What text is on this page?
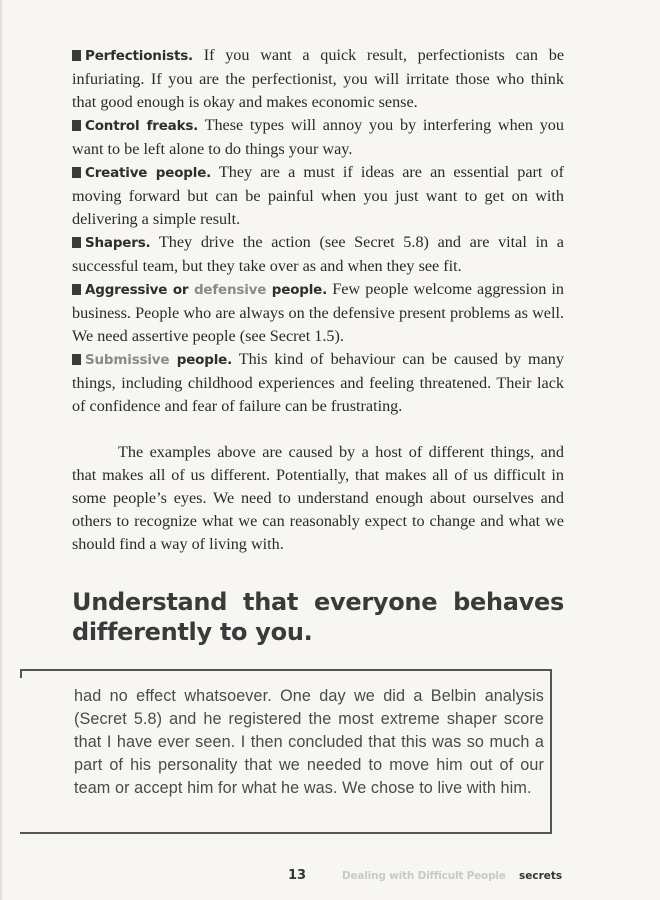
Perfectionists. If you want a quick result, perfectionists can be infuriating. If you are the perfectionist, you will irritate those who think that good enough is okay and makes economic sense.

Control freaks. These types will annoy you by interfering when you want to be left alone to do things your way.

Creative people. They are a must if ideas are an essential part of moving forward but can be painful when you just want to get on with delivering a simple result.

Shapers. They drive the action (see Secret 5.8) and are vital in a successful team, but they take over as and when they see fit.

Aggressive or defensive people. Few people welcome aggression in business. People who are always on the defensive present problems as well. We need assertive people (see Secret 1.5).

Submissive people. This kind of behaviour can be caused by many things, including childhood experiences and feeling threatened. Their lack of confidence and fear of failure can be frustrating.

The examples above are caused by a host of different things, and that makes all of us different. Potentially, that makes all of us difficult in some people’s eyes. We need to understand enough about ourselves and others to recognize what we can reasonably expect to change and what we should find a way of living with.

Understand that everyone behaves differently to you.

had no effect whatsoever. One day we did a Belbin analysis (Secret 5.8) and he registered the most extreme shaper score that I have ever seen. I then concluded that this was so much a part of his personality that we needed to move him out of our team or accept him for what he was. We chose to live with him.

13	Dealing with Difficult People secrets
